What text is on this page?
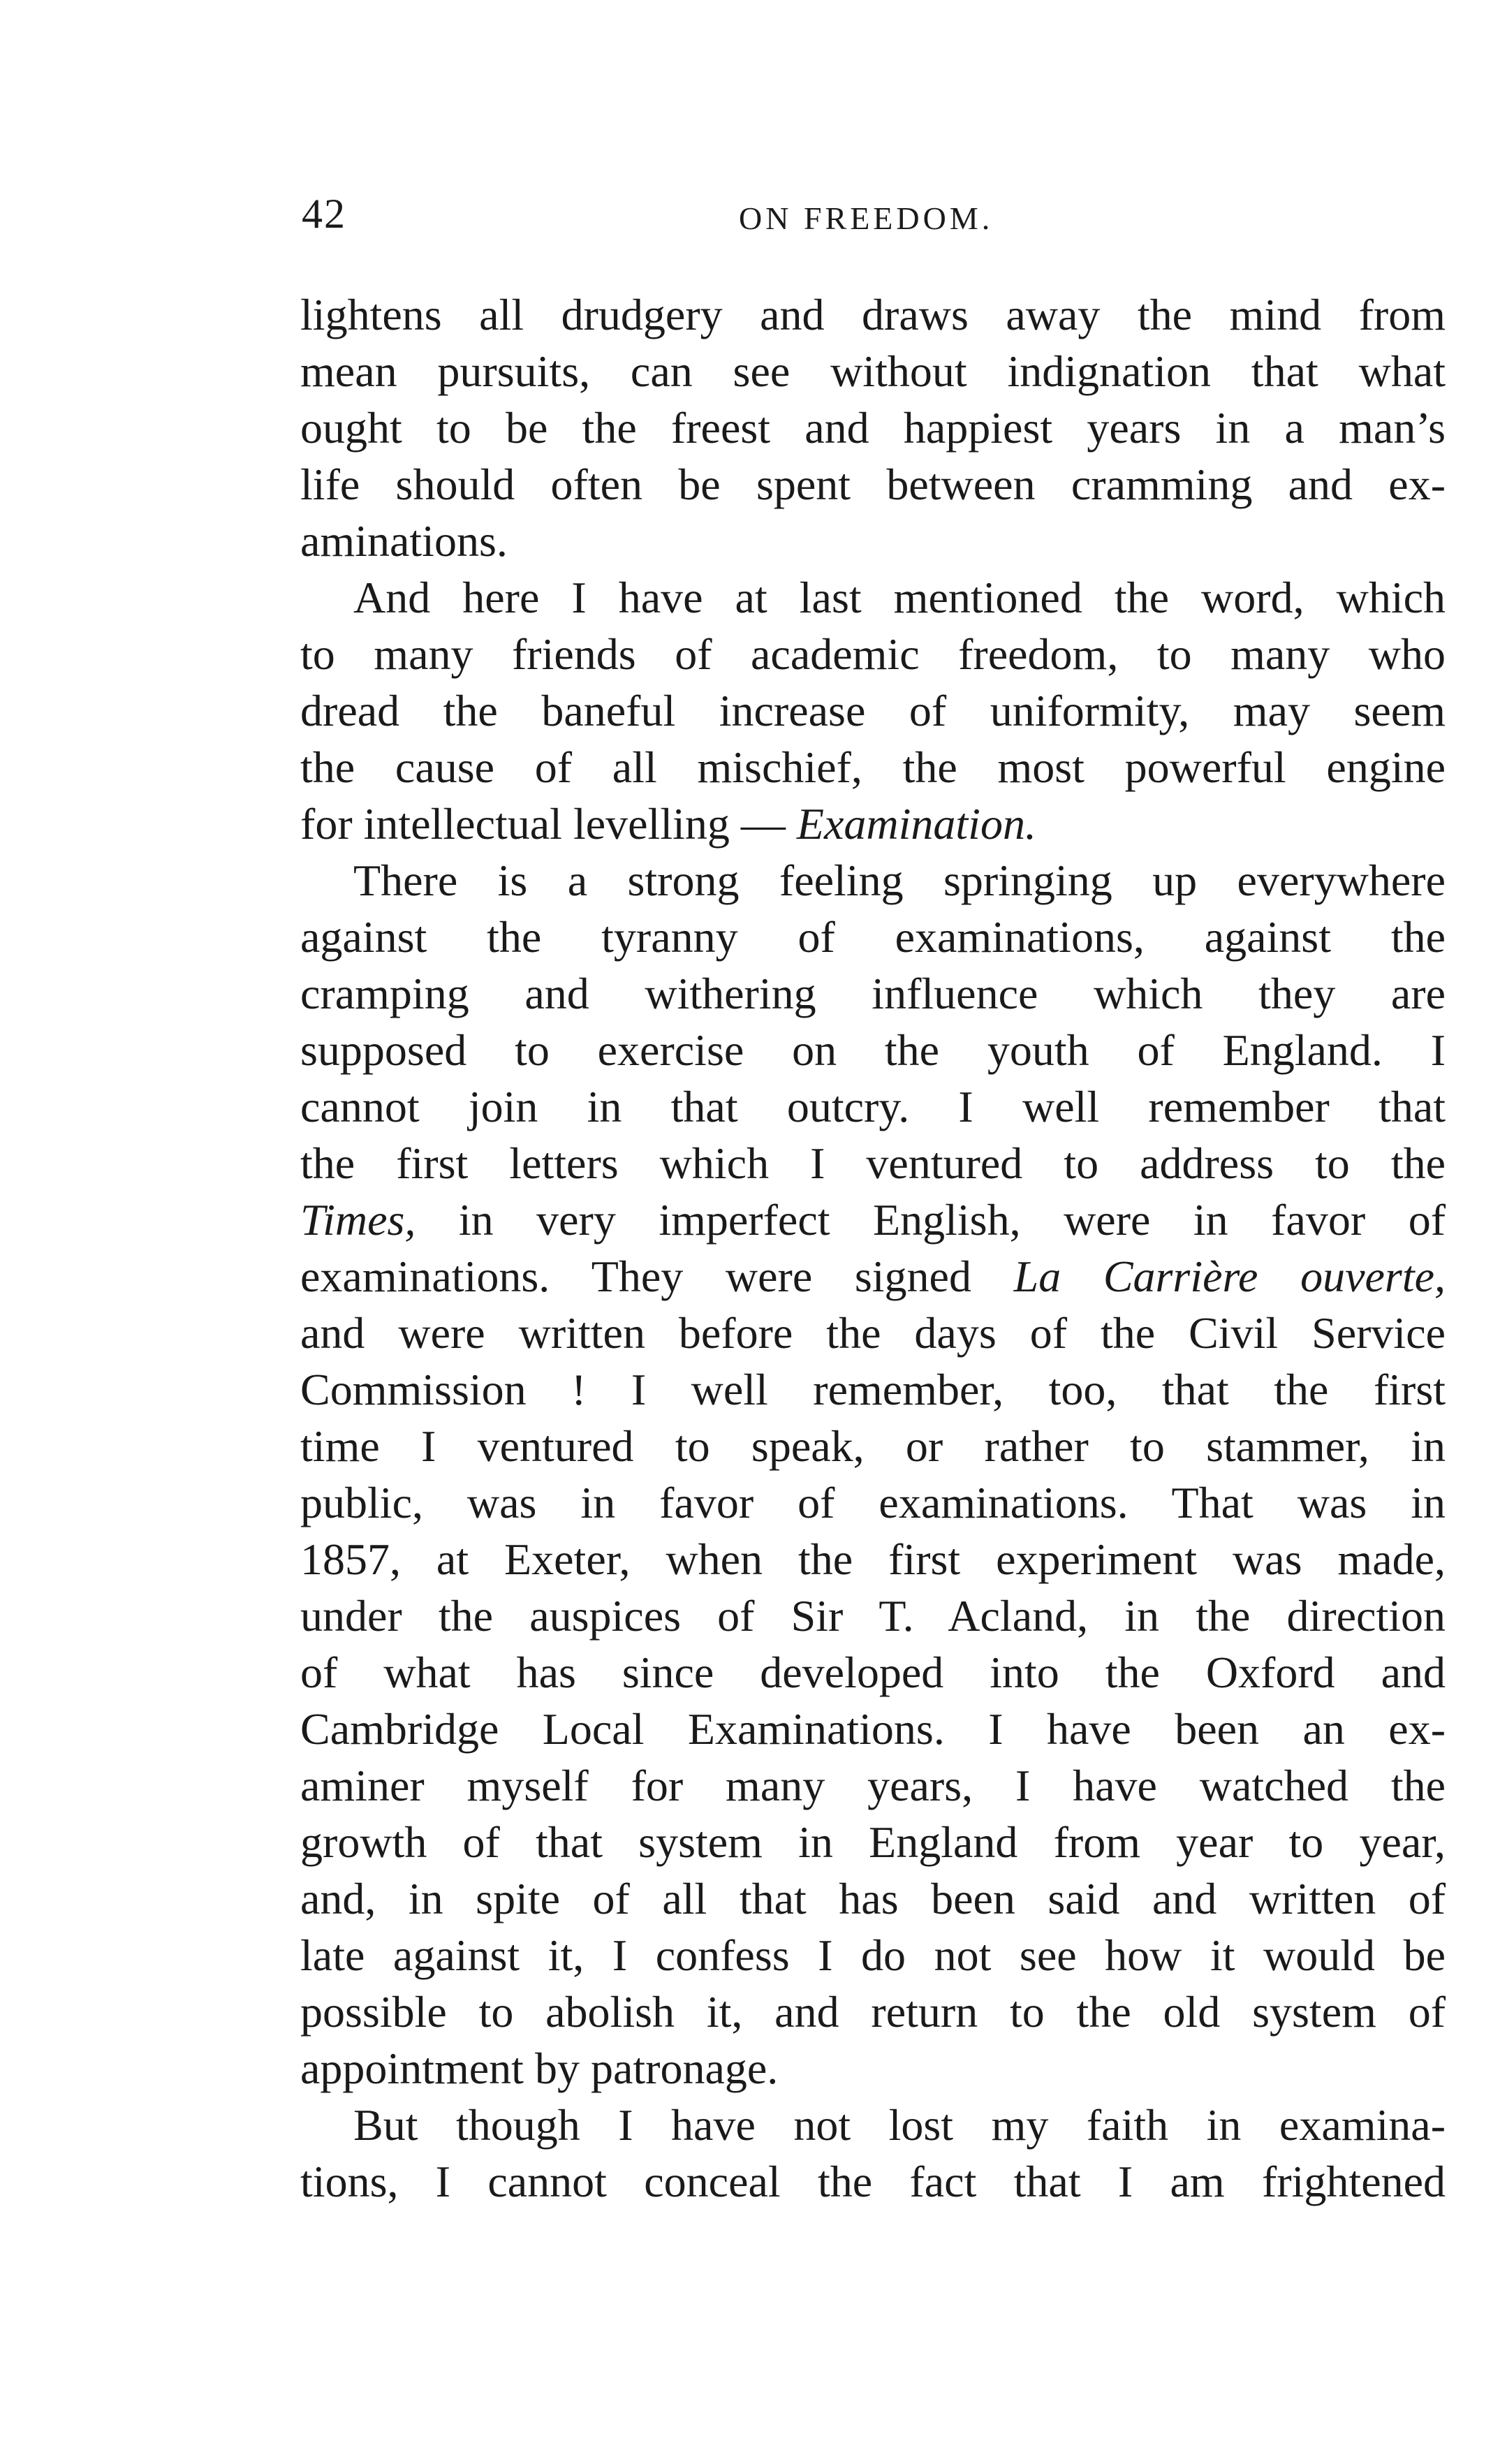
42	ON FREEDOM.
lightens all drudgery and draws away the mind from
mean pursuits, can see without indignation that what
ought to be the freest and happiest years in a man’s
life should often be spent between cramming and ex-
aminations.
And here I have at last mentioned the word, which
to many friends of academic freedom, to many who
dread the baneful increase of uniformity, may seem
the cause of all mischief, the most powerful engine
for intellectual levelling — Examination.
There is a strong feeling springing up everywhere
against the tyranny of examinations, against the
cramping and withering influence which they are
supposed to exercise on the youth of England. I
cannot join in that outcry. I well remember that
the first letters which I ventured to address to the
Times, in very imperfect English, were in favor of
examinations. They were signed La Carrière ouverte,
and were written before the days of the Civil Service
Commission ! I well remember, too, that the first
time I ventured to speak, or rather to stammer, in
public, was in favor of examinations. That was in
1857, at Exeter, when the first experiment was made,
under the auspices of Sir T. Acland, in the direction
of what has since developed into the Oxford and
Cambridge Local Examinations. I have been an ex-
aminer myself for many years, I have watched the
growth of that system in England from year to year,
and, in spite of all that has been said and written of
late against it, I confess I do not see how it would be
possible to abolish it, and return to the old system of
appointment by patronage.
But though I have not lost my faith in examina-
tions, I cannot conceal the fact that I am frightened
